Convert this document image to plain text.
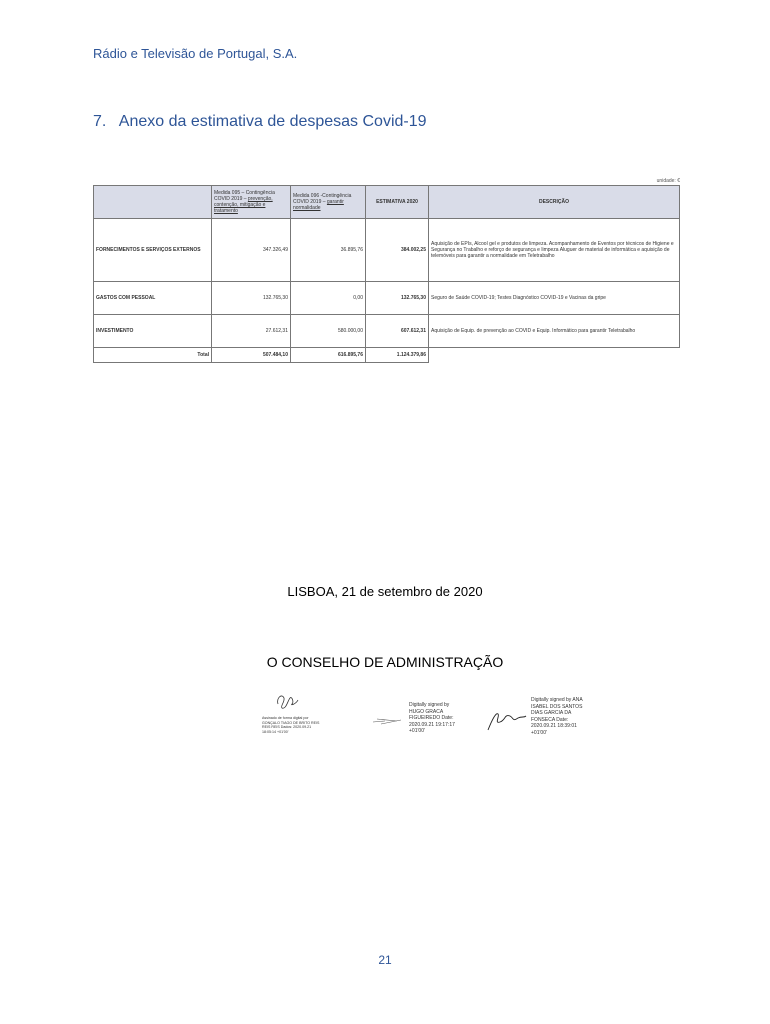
Rádio e Televisão de Portugal, S.A.
7. Anexo da estimativa de despesas Covid-19
unidade: €
	Medida 095 – Contingência COVID 2019 – prevenção, contenção, mitigação e tratamento	Medida 096 -Contingência COVID 2019 – garantir normalidade	ESTIMATIVA 2020	DESCRIÇÃO
FORNECIMENTOS E SERVIÇOS EXTERNOS	347.326,49	36.895,76	384.002,25	Aquisição de EPIs, Alcool gel e produtos de limpeza. Acompanhamento de Eventos por técnicos de Higiene e Segurança no Trabalho e reforço de segurança e limpeza Aluguer de material de informática e aquisição de telemóveis para garantir a normalidade em Teletrabalho
GASTOS COM PESSOAL	132.765,30	0,00	132.765,30	Seguro de Saúde COVID-19; Testes Diagnóstico COVID-19 e Vacinas da gripe
INVESTIMENTO	27.612,31	580.000,00	607.612,31	Aquisição de Equip. de prevenção ao COVID e Equip. Informático para garantir Teletrabalho
Total	507.484,10	616.895,76	1.124.379,86	
LISBOA, 21 de setembro de 2020
O CONSELHO DE ADMINISTRAÇÃO
Assinado de forma digital por GONÇALO TIAGO DE BRITO REIS REIS REIS Dados: 2020.09.21 18:05:14 +01'00'
Digitally signed by HUGO GRACA FIGUEIREDO Date: 2020.09.21 19:17:17 +01'00'
Digitally signed by ANA ISABEL DOS SANTOS DIAS GARCIA DA FONSECA Date: 2020.09.21 18:39:01 +01'00'
21
